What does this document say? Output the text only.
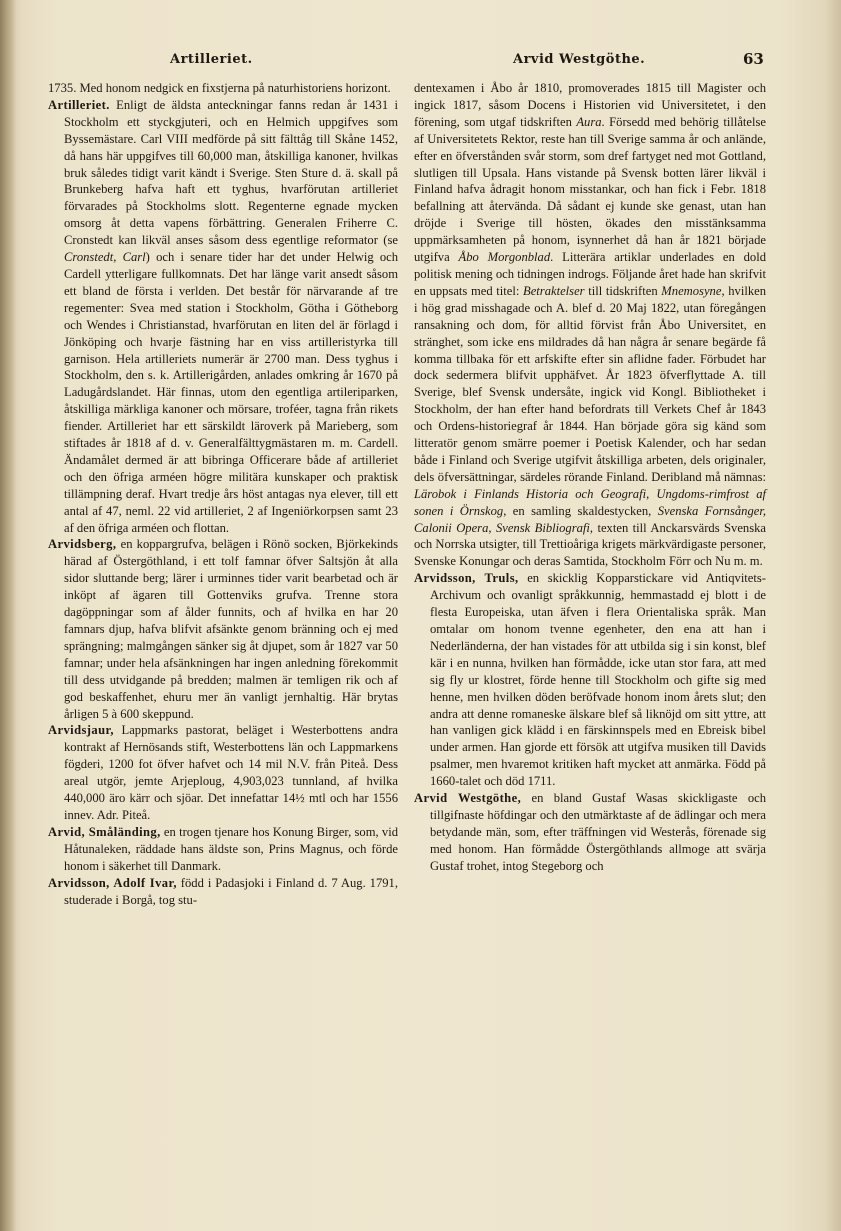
Artilleriet.	Arvid Westgöthe.	63

1735. Med honom nedgick en fixstjerna på naturhistoriens horizont.

Artilleriet. Enligt de äldsta anteckningar fanns redan år 1431 i Stockholm ett styckgjuteri, och en Helmich uppgifves som Byssemästare. Carl VIII medförde på sitt fälttåg till Skåne 1452, då hans här uppgifves till 60,000 man, åtskilliga kanoner, hvilkas bruk således tidigt varit kändt i Sverige. Sten Sture d. ä. skall på Brunkeberg hafva haft ett tyghus, hvarförutan artilleriet förvarades på Stockholms slott. Regenterne egnade mycken omsorg åt detta vapens förbättring. Generalen Friherre C. Cronstedt kan likväl anses såsom dess egentlige reformator (se Cronstedt, Carl) och i senare tider har det under Helwig och Cardell ytterligare fullkomnats. Det har länge varit ansedt såsom ett bland de första i verlden. Det består för närvarande af tre regementer: Svea med station i Stockholm, Götha i Götheborg och Wendes i Christianstad, hvarförutan en liten del är förlagd i Jönköping och hvarje fästning har en viss artilleristyrka till garnison. Hela artilleriets numerär är 2700 man. Dess tyghus i Stockholm, den s. k. Artillerigården, anlades omkring år 1670 på Ladugårdslandet. Här finnas, utom den egentliga artileriparken, åtskilliga märkliga kanoner och mörsare, troféer, tagna från rikets fiender. Artilleriet har ett särskildt läroverk på Marieberg, som stiftades år 1818 af d. v. Generalfälttygmästaren m. m. Cardell. Ändamålet dermed är att bibringa Officerare både af artilleriet och den öfriga arméen högre militära kunskaper och praktisk tillämpning deraf. Hvart tredje års höst antagas nya elever, till ett antal af 47, neml. 22 vid artilleriet, 2 af Ingeniörkorpsen samt 23 af den öfriga arméen och flottan.

Arvidsberg, en koppargrufva, belägen i Rönö socken, Björkekinds härad af Östergöthland, i ett tolf famnar öfver Saltsjön åt alla sidor sluttande berg; lärer i urminnes tider varit bearbetad och är inköpt af ägaren till Gottenviks grufva. Trenne stora dagöppningar som af ålder funnits, och af hvilka en har 20 famnars djup, hafva blifvit afsänkte genom bränning och ej med sprängning; malmgången sänker sig åt djupet, som år 1827 var 50 famnar; under hela afsänkningen har ingen anledning förekommit till dess utvidgande på bredden; malmen är temligen rik och af god beskaffenhet, ehuru mer än vanligt jernhaltig. Här brytas årligen 5 à 600 skeppund.

Arvidsjaur, Lappmarks pastorat, beläget i Westerbottens andra kontrakt af Hernösands stift, Westerbottens län och Lappmarkens fögderi, 1200 fot öfver hafvet och 14 mil N.V. från Piteå. Dess areal utgör, jemte Arjeploug, 4,903,023 tunnland, af hvilka 440,000 äro kärr och sjöar. Det innefattar 14½ mtl och har 1556 innev. Adr. Piteå.

Arvid, Småländing, en trogen tjenare hos Konung Birger, som, vid Håtunaleken, räddade hans äldste son, Prins Magnus, och förde honom i säkerhet till Danmark.

Arvidsson, Adolf Ivar, född i Padasjoki i Finland d. 7 Aug. 1791, studerade i Borgå, tog stu-

dentexamen i Åbo år 1810, promoverades 1815 till Magister och ingick 1817, såsom Docens i Historien vid Universitetet, i den förening, som utgaf tidskriften Aura. Försedd med behörig tillåtelse af Universitetets Rektor, reste han till Sverige samma år och anlände, efter en öfverstånden svår storm, som dref fartyget ned mot Gottland, slutligen till Upsala. Hans vistande på Svensk botten lärer likväl i Finland hafva ådragit honom misstankar, och han fick i Febr. 1818 befallning att återvända. Då sådant ej kunde ske genast, utan han dröjde i Sverige till hösten, ökades den misstänksamma uppmärksamheten på honom, isynnerhet då han år 1821 började utgifva Åbo Morgonblad. Litterära artiklar underlades en dold politisk mening och tidningen indrogs. Följande året hade han skrifvit en uppsats med titel: Betraktelser till tidskriften Mnemosyne, hvilken i hög grad misshagade och A. blef d. 20 Maj 1822, utan föregången ransakning och dom, för alltid förvist från Åbo Universitet, en stränghet, som icke ens mildrades då han några år senare begärde få komma tillbaka för ett arfskifte efter sin aflidne fader. Förbudet har dock sedermera blifvit upphäfvet. År 1823 öfverflyttade A. till Sverige, blef Svensk undersåte, ingick vid Kongl. Bibliotheket i Stockholm, der han efter hand befordrats till Verkets Chef år 1843 och Ordens-historiegraf år 1844. Han började göra sig känd som litteratör genom smärre poemer i Poetisk Kalender, och har sedan både i Finland och Sverige utgifvit åtskilliga arbeten, dels originaler, dels öfversättningar, särdeles rörande Finland. Deribland må nämnas: Lärobok i Finlands Historia och Geografi, Ungdoms-rimfrost af sonen i Örnskog, en samling skaldestycken, Svenska Fornsånger, Calonii Opera, Svensk Bibliografi, texten till Anckarsvärds Svenska och Norrska utsigter, till Trettioåriga krigets märkvärdigaste personer, Svenske Konungar och deras Samtida, Stockholm Förr och Nu m. m.

Arvidsson, Truls, en skicklig Kopparstickare vid Antiqvitets-Archivum och ovanligt språkkunnig, hemmastadd ej blott i de flesta Europeiska, utan äfven i flera Orientaliska språk. Man omtalar om honom tvenne egenheter, den ena att han i Nederländerna, der han vistades för att utbilda sig i sin konst, blef kär i en nunna, hvilken han förmådde, icke utan stor fara, att med sig fly ur klostret, förde henne till Stockholm och gifte sig med henne, men hvilken döden beröfvade honom inom årets slut; den andra att denne romaneske älskare blef så liknöjd om sitt yttre, att han vanligen gick klädd i en färskinnspels med en Ebreisk bibel under armen. Han gjorde ett försök att utgifva musiken till Davids psalmer, men hvaremot kritiken haft mycket att anmärka. Född på 1660-talet och död 1711.

Arvid Westgöthe, en bland Gustaf Wasas skickligaste och tillgifnaste höfdingar och den utmärktaste af de ädlingar och mera betydande män, som, efter träffningen vid Westerås, förenade sig med honom. Han förmådde Östergöthlands allmoge att svärja Gustaf trohet, intog Stegeborg och
